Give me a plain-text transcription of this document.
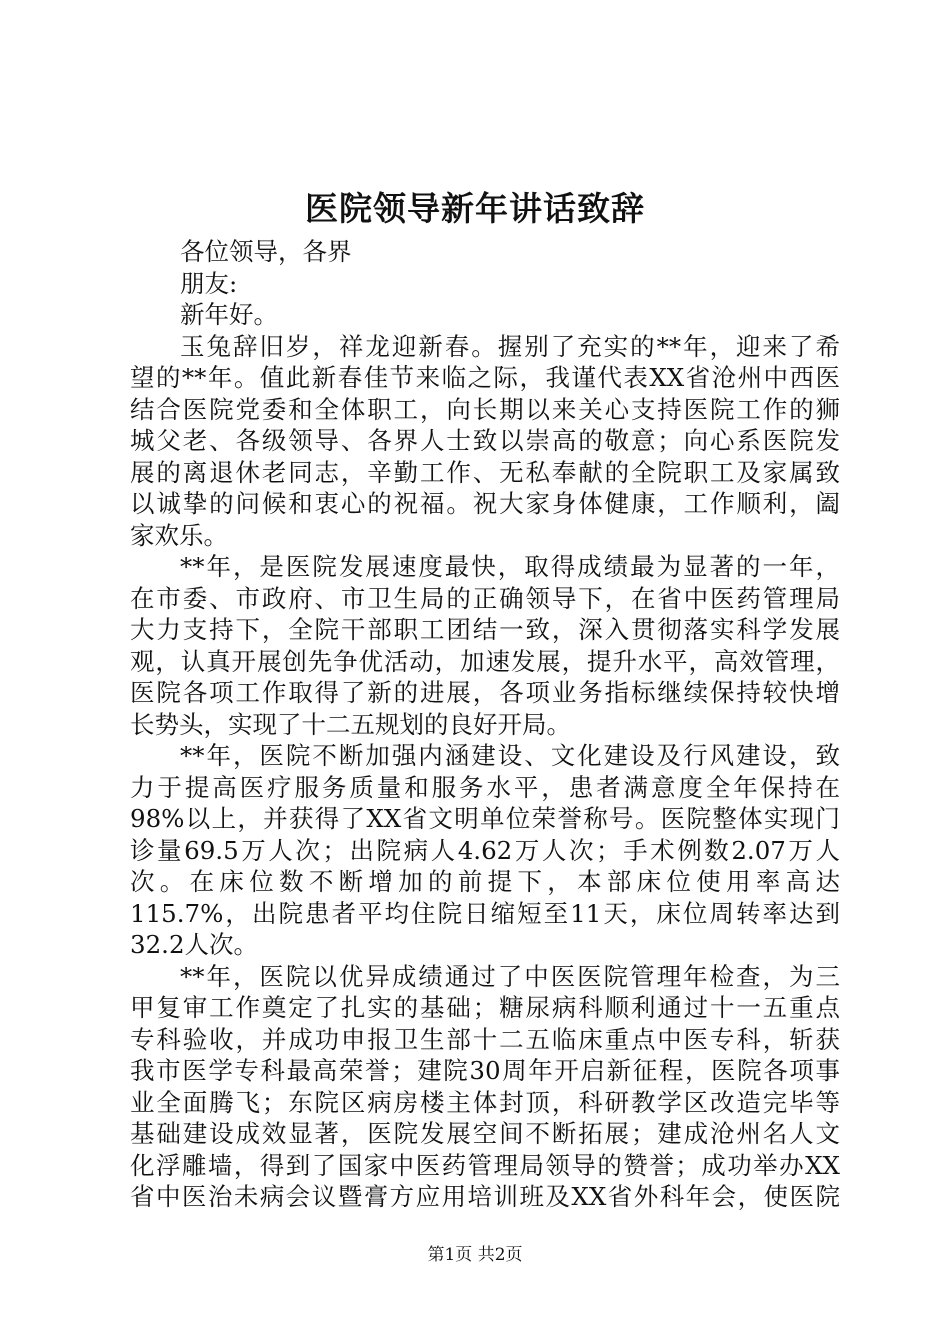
医院领导新年讲话致辞
各位领导，各界
朋友:
新年好。
玉兔辞旧岁，祥龙迎新春。握别了充实的**年，迎来了希
望的**年。值此新春佳节来临之际，我谨代表XX省沧州中西医
结合医院党委和全体职工，向长期以来关心支持医院工作的狮
城父老、各级领导、各界人士致以崇高的敬意；向心系医院发
展的离退休老同志，辛勤工作、无私奉献的全院职工及家属致
以诚挚的问候和衷心的祝福。祝大家身体健康，工作顺利，阖
家欢乐。
**年，是医院发展速度最快，取得成绩最为显著的一年，
在市委、市政府、市卫生局的正确领导下，在省中医药管理局
大力支持下，全院干部职工团结一致，深入贯彻落实科学发展
观，认真开展创先争优活动，加速发展，提升水平，高效管理，
医院各项工作取得了新的进展，各项业务指标继续保持较快增
长势头，实现了十二五规划的良好开局。
**年，医院不断加强内涵建设、文化建设及行风建设，致
力于提高医疗服务质量和服务水平，患者满意度全年保持在
98%以上，并获得了XX省文明单位荣誉称号。医院整体实现门
诊量69.5万人次；出院病人4.62万人次；手术例数2.07万人
次。在床位数不断增加的前提下，本部床位使用率高达
115.7%，出院患者平均住院日缩短至11天，床位周转率达到
32.2人次。
**年，医院以优异成绩通过了中医医院管理年检查，为三
甲复审工作奠定了扎实的基础；糖尿病科顺利通过十一五重点
专科验收，并成功申报卫生部十二五临床重点中医专科，斩获
我市医学专科最高荣誉；建院30周年开启新征程，医院各项事
业全面腾飞；东院区病房楼主体封顶，科研教学区改造完毕等
基础建设成效显著，医院发展空间不断拓展；建成沧州名人文
化浮雕墙，得到了国家中医药管理局领导的赞誉；成功举办XX
省中医治未病会议暨膏方应用培训班及XX省外科年会，使医院
第1页 共2页
